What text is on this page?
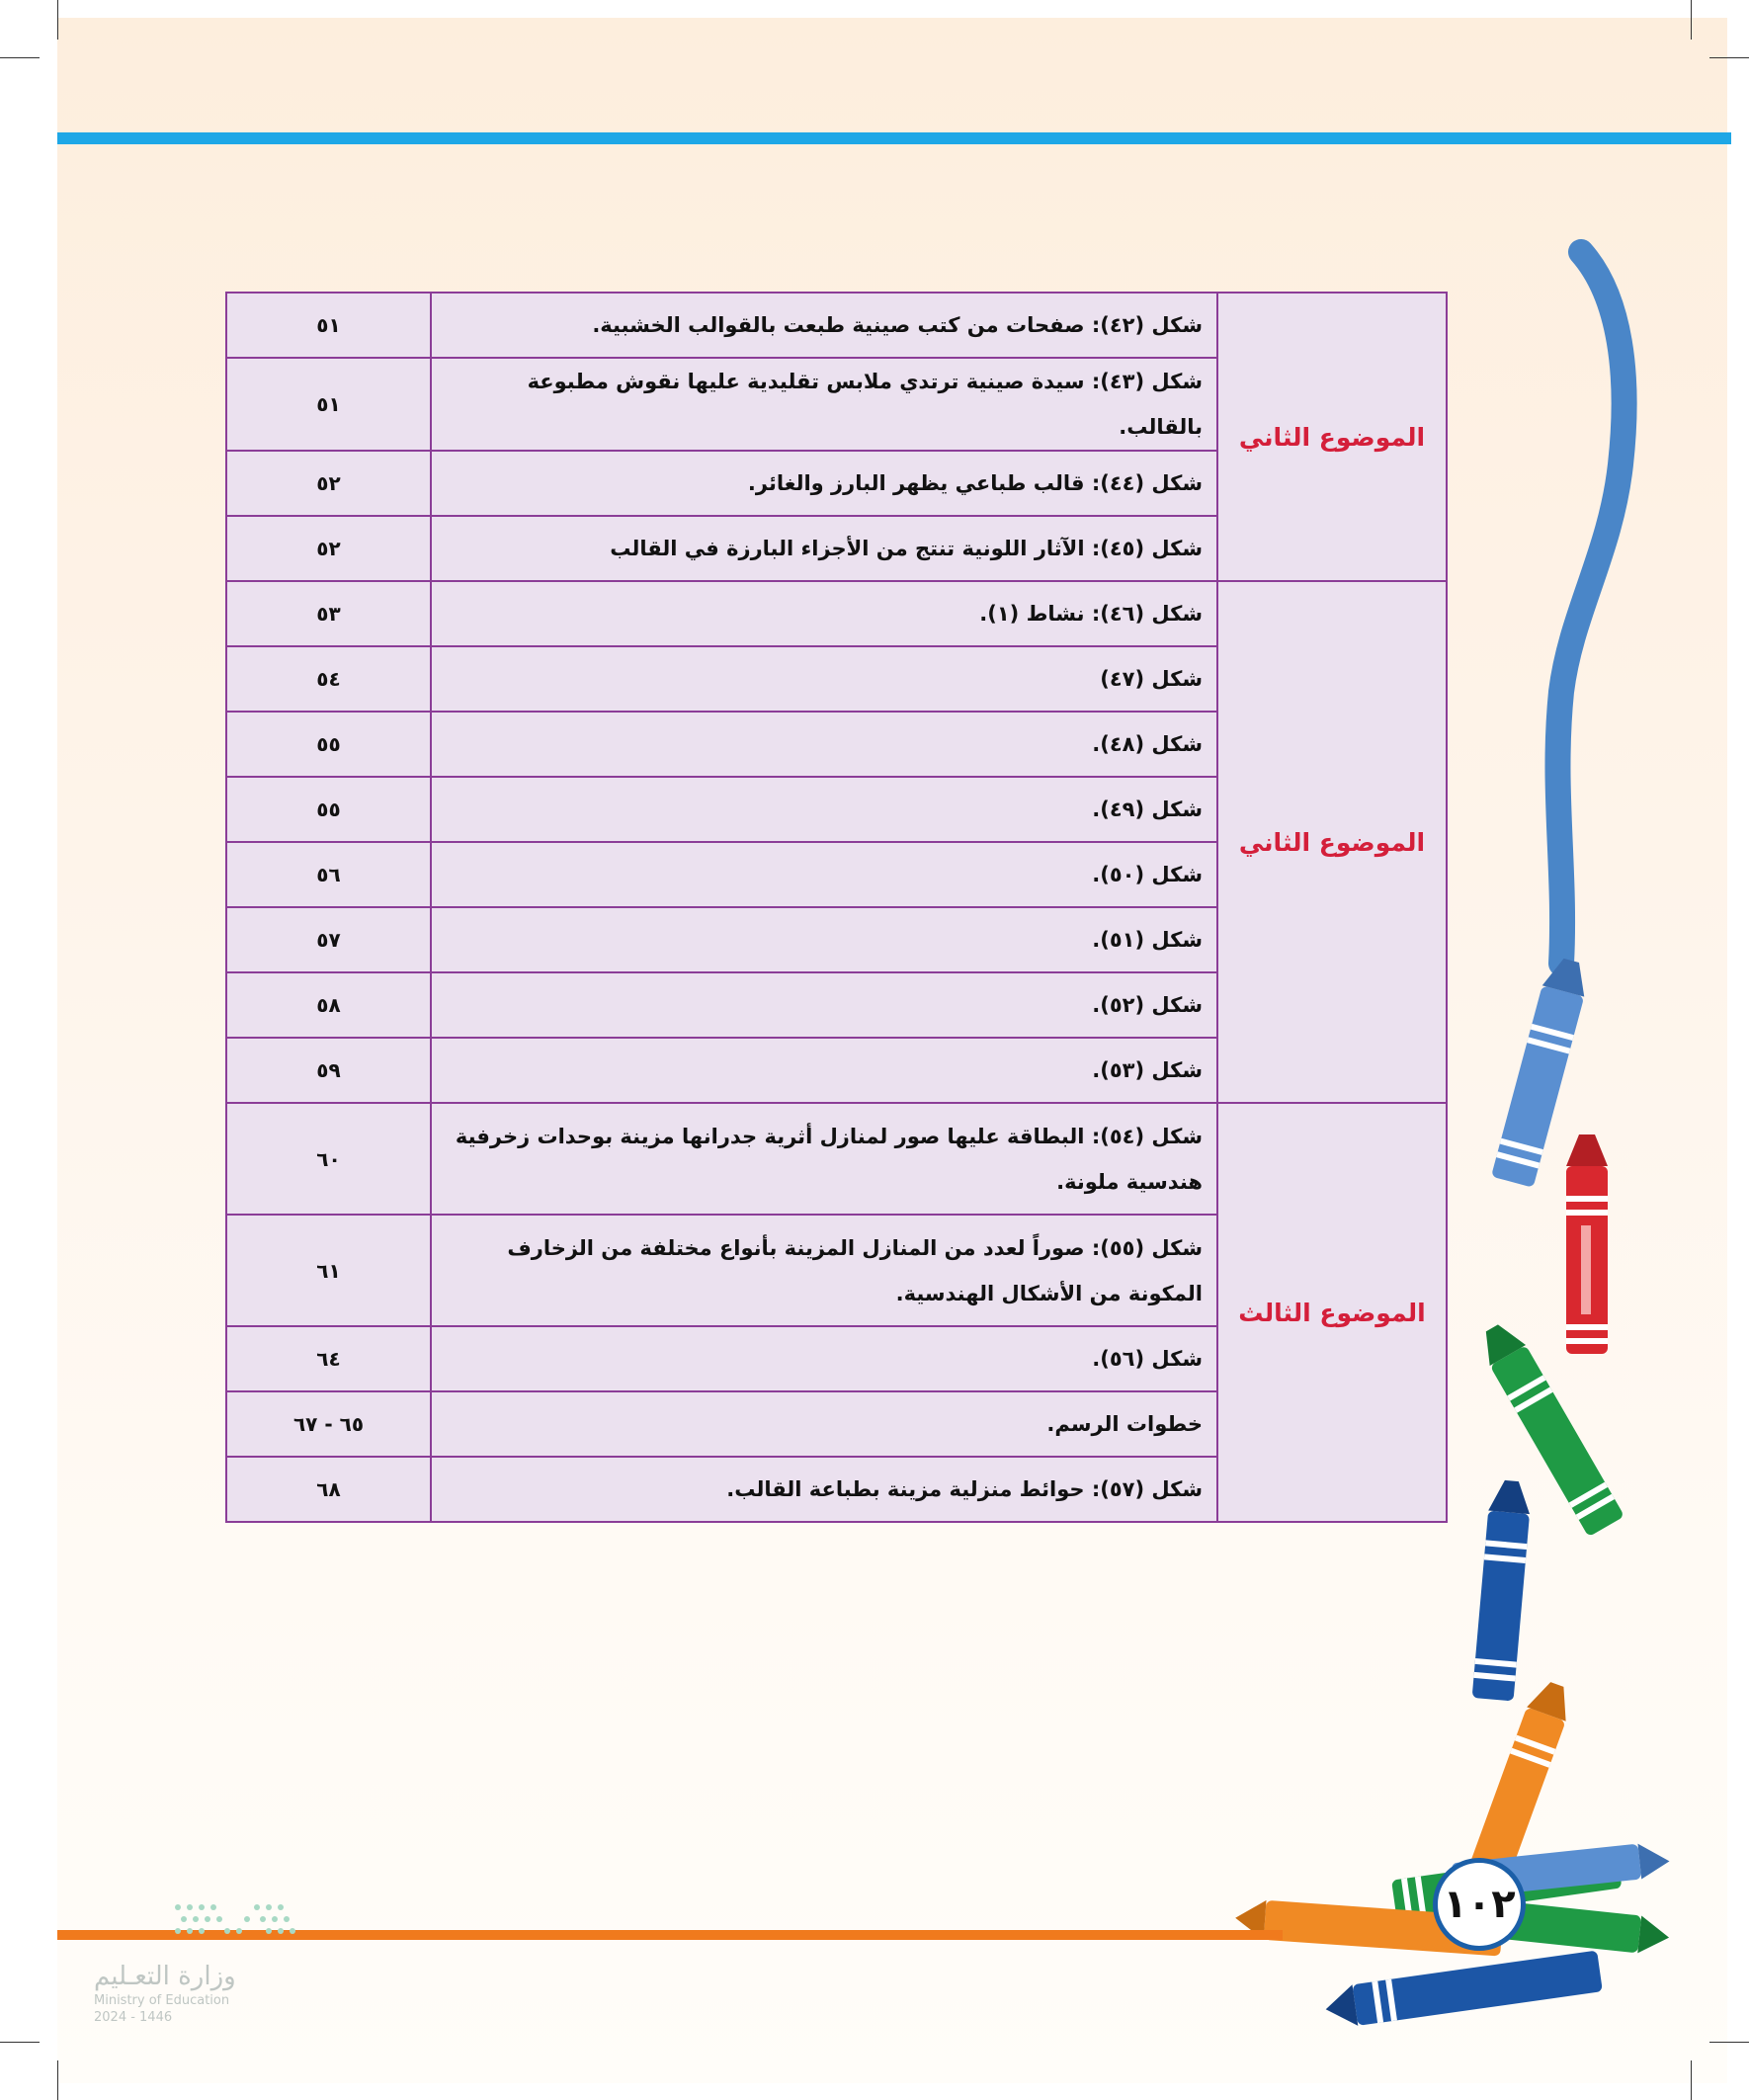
١٠٢
وزارة التعـليم
Ministry of Education
2024 - 1446
الموضوع الثاني	شكل (٤٢): صفحات من كتب صينية طبعت بالقوالب الخشبية.	٥١
	شكل (٤٣): سيدة صينية ترتدي ملابس تقليدية عليها نقوش مطبوعة بالقالب.	٥١
	شكل (٤٤): قالب طباعي يظهر البارز والغائر.	٥٢
	شكل (٤٥): الآثار اللونية تنتج من الأجزاء البارزة في القالب	٥٢
الموضوع الثاني	شكل (٤٦): نشاط (١).	٥٣
	شكل (٤٧)	٥٤
	شكل (٤٨).	٥٥
	شكل (٤٩).	٥٥
	شكل (٥٠).	٥٦
	شكل (٥١).	٥٧
	شكل (٥٢).	٥٨
	شكل (٥٣).	٥٩
الموضوع الثالث	شكل (٥٤): البطاقة عليها صور لمنازل أثرية جدرانها مزينة بوحدات زخرفية هندسية ملونة.	٦٠
	شكل (٥٥): صوراً لعدد من المنازل المزينة بأنواع مختلفة من الزخارف المكونة من الأشكال الهندسية.	٦١
	شكل (٥٦).	٦٤
	خطوات الرسم.	٦٥ - ٦٧
	شكل (٥٧): حوائط منزلية مزينة بطباعة القالب.	٦٨
